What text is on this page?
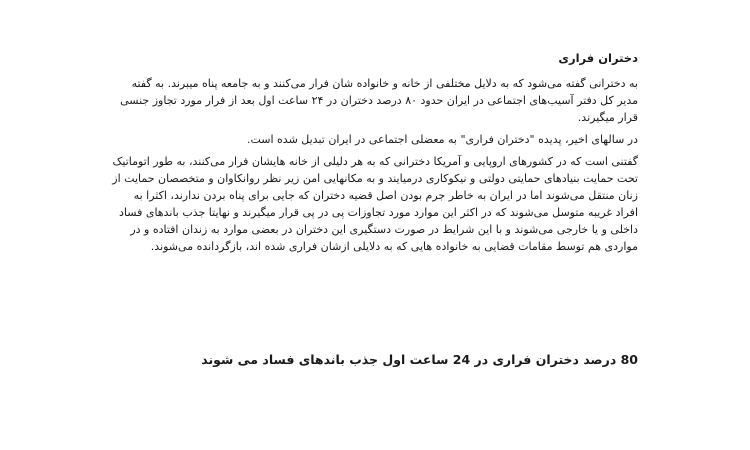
دختران فراری

به دخترانی گفته می‌شود که به دلایل مختلفی از خانه و خانواده شان فرار می‌کنند و به جامعه پناه میبرند. به گفته مدیر کل دفتر آسیب‌های اجتماعی در ایران حدود ۸۰ درصد دختران در ۲۴ ساعت اول بعد از فرار مورد تجاوز جنسی قرار میگیرند.

در سالهای اخیر، پدیده "دختران فراری" به معضلی اجتماعی در ایران تبدیل شده است.

گفتنی است که در کشورهای اروپایی و آمریکا دخترانی که به هر دلیلی از خانه هایشان فرار می‌کنند، به طور اتوماتیک تحت حمایت بنیادهای حمایتی دولتی و نیکوکاری درمیایند و به مکانهایی امن زیر نظر روانکاوان و متخصصان حمایت از زنان منتقل می‌شوند اما در ایران به خاطر جرم بودن اصل قضیه دختران که جایی برای پناه بردن ندارند، اکثرا به افراد غریبه متوسل می‌شوند که در اکثر این موارد مورد تجاوزات پی در پی قرار میگیرند و نهایتا جذب باندهای فساد داخلی و یا خارجی می‌شوند و با این شرایط در صورت دستگیری این دختران در بعضی موارد به زندان افتاده و در مواردی هم توسط مقامات قضایی به خانواده هایی که به دلایلی ازشان فراری شده اند، بازگردانده می‌شوند.

80 درصد دختران فراری در 24 ساعت اول جذب باندهای فساد می شوند
